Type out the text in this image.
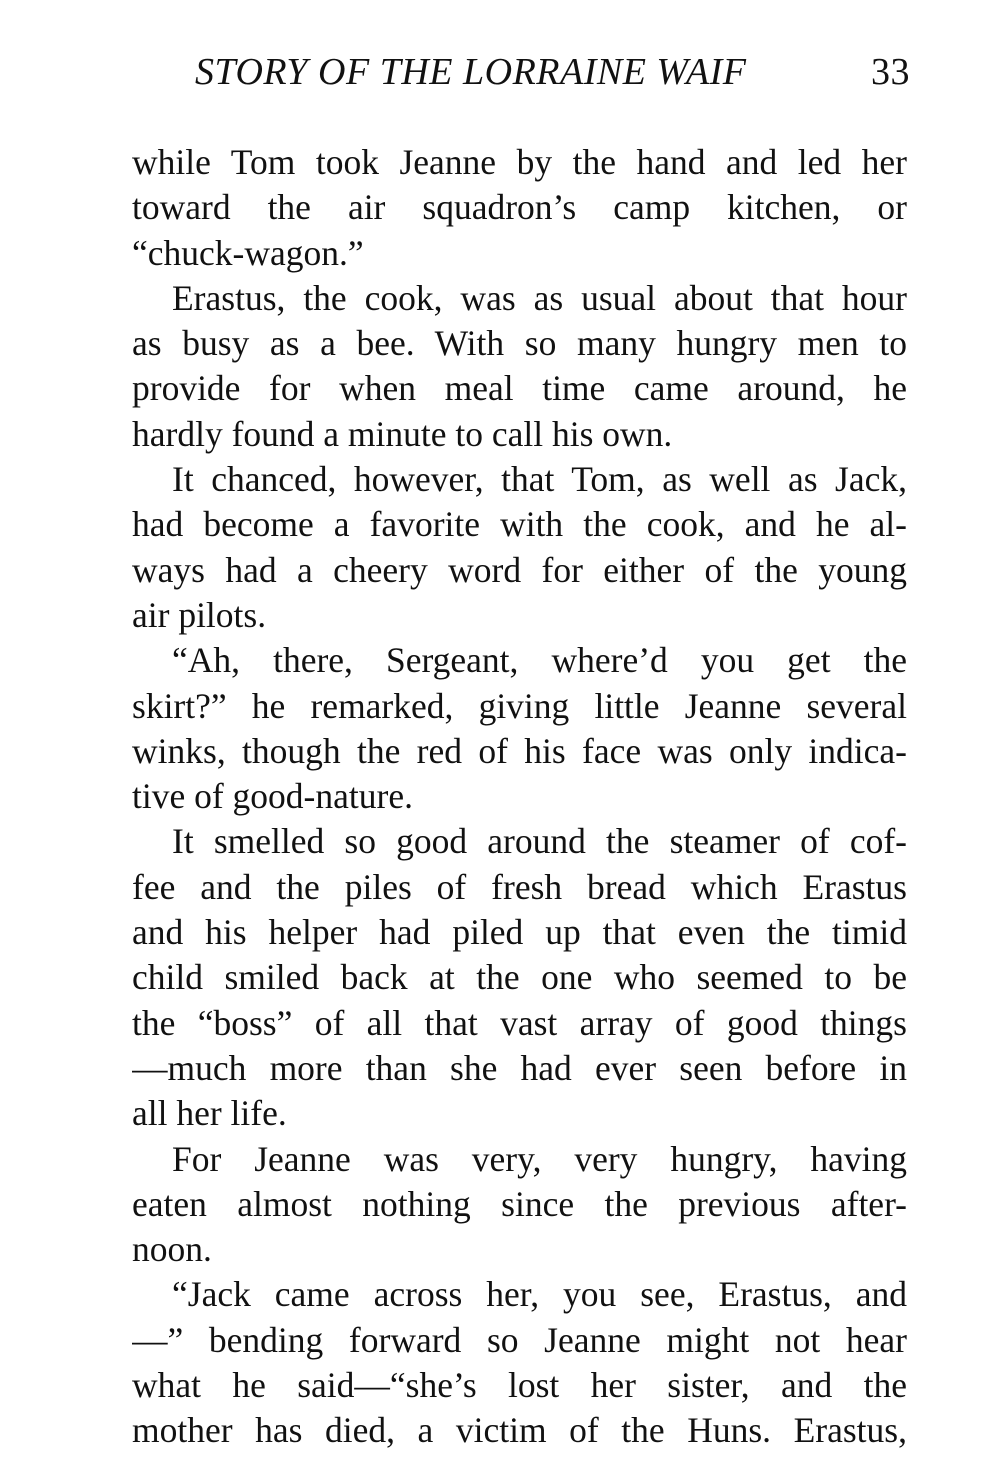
STORY OF THE LORRAINE WAIF	33
while Tom took Jeanne by the hand and led her
toward the air squadron’s camp kitchen, or
“chuck-wagon.”
Erastus, the cook, was as usual about that hour
as busy as a bee. With so many hungry men to
provide for when meal time came around, he
hardly found a minute to call his own.
It chanced, however, that Tom, as well as Jack,
had become a favorite with the cook, and he al-
ways had a cheery word for either of the young
air pilots.
“Ah, there, Sergeant, where’d you get the
skirt?” he remarked, giving little Jeanne several
winks, though the red of his face was only indica-
tive of good-nature.
It smelled so good around the steamer of cof-
fee and the piles of fresh bread which Erastus
and his helper had piled up that even the timid
child smiled back at the one who seemed to be
the “boss” of all that vast array of good things
—much more than she had ever seen before in
all her life.
For Jeanne was very, very hungry, having
eaten almost nothing since the previous after-
noon.
“Jack came across her, you see, Erastus, and
—” bending forward so Jeanne might not hear
what he said—“she’s lost her sister, and the
mother has died, a victim of the Huns. Erastus,
